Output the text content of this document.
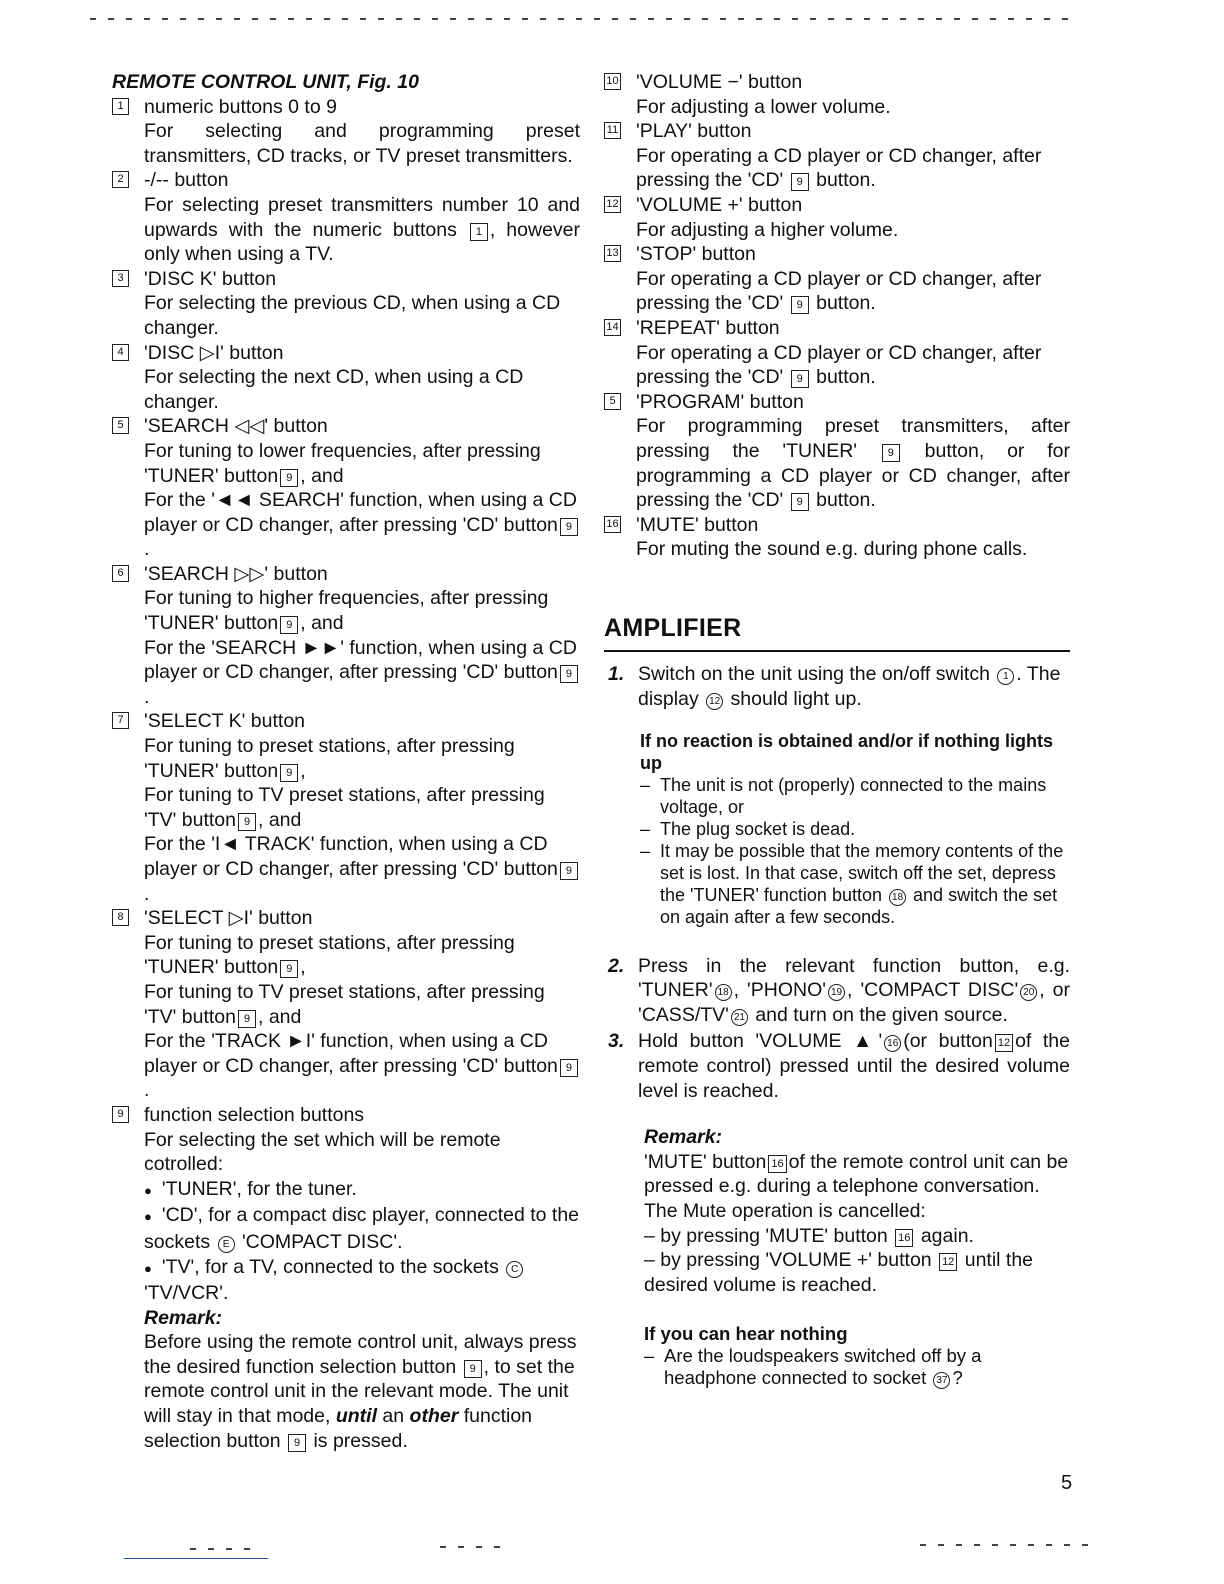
REMOTE CONTROL UNIT, Fig. 10
1 numeric buttons 0 to 9
For selecting and programming preset transmitters, CD tracks, or TV preset transmitters.
2 -/-- button
For selecting preset transmitters number 10 and upwards with the numeric buttons 1 , however only when using a TV.
3 'DISC K' button
For selecting the previous CD, when using a CD changer.
4 'DISC ▷I' button
For selecting the next CD, when using a CD changer.
5 'SEARCH ◁◁' button
For tuning to lower frequencies, after pressing 'TUNER' button 9 , and
For the '◄◄ SEARCH' function, when using a CD player or CD changer, after pressing 'CD' button 9.
6 'SEARCH ▷▷' button
For tuning to higher frequencies, after pressing 'TUNER' button 9 , and
For the 'SEARCH ►►' function, when using a CD player or CD changer, after pressing 'CD' button 9.
7 'SELECT K' button
For tuning to preset stations, after pressing 'TUNER' button 9 ,
For tuning to TV preset stations, after pressing 'TV' button 9 , and
For the 'I◄ TRACK' function, when using a CD player or CD changer, after pressing 'CD' button 9.
8 'SELECT ▷I' button
For tuning to preset stations, after pressing 'TUNER' button 9 ,
For tuning to TV preset stations, after pressing 'TV' button 9 , and
For the 'TRACK ►I' function, when using a CD player or CD changer, after pressing 'CD' button 9.
9 function selection buttons
For selecting the set which will be remote cotrolled:
● 'TUNER', for the tuner.
● 'CD', for a compact disc player, connected to the sockets E 'COMPACT DISC'.
● 'TV', for a TV, connected to the sockets C 'TV/VCR'.
Remark:
Before using the remote control unit, always press the desired function selection button 9 , to set the remote control unit in the relevant mode. The unit will stay in that mode, until an other function selection button 9 is pressed.
10 'VOLUME −' button
For adjusting a lower volume.
11 'PLAY' button
For operating a CD player or CD changer, after pressing the 'CD' 9 button.
12 'VOLUME +' button
For adjusting a higher volume.
13 'STOP' button
For operating a CD player or CD changer, after pressing the 'CD' 9 button.
14 'REPEAT' button
For operating a CD player or CD changer, after pressing the 'CD' 9 button.
5 'PROGRAM' button
For programming preset transmitters, after pressing the 'TUNER'	9 button, or for programming a CD player or CD changer, after pressing the 'CD' 9 button.
16 'MUTE' button
For muting the sound e.g. during phone calls.
AMPLIFIER
1. Switch on the unit using the on/off switch 1 . The display 12 should light up.
If no reaction is obtained and/or if nothing lights up
– The unit is not (properly) connected to the mains voltage, or
– The plug socket is dead.
– It may be possible that the memory contents of the set is lost. In that case, switch off the set, depress the 'TUNER' function button 18 and switch the set on again after a few seconds.
2. Press in the relevant function button, e.g. 'TUNER' 18 , 'PHONO' 19 , 'COMPACT DISC' 20 , or 'CASS/TV' 21 and turn on the given source.
3. Hold button 'VOLUME ▲' 16 (or button 12 of the remote control) pressed until the desired volume level is reached.
Remark:
'MUTE' button 16 of the remote control unit can be pressed e.g. during a telephone conversation.
The Mute operation is cancelled:
– by pressing 'MUTE' button 16 again.
– by pressing 'VOLUME +' button 12 until the desired volume is reached.
If you can hear nothing
– Are the loudspeakers switched off by a headphone connected to socket 37 ?
5
